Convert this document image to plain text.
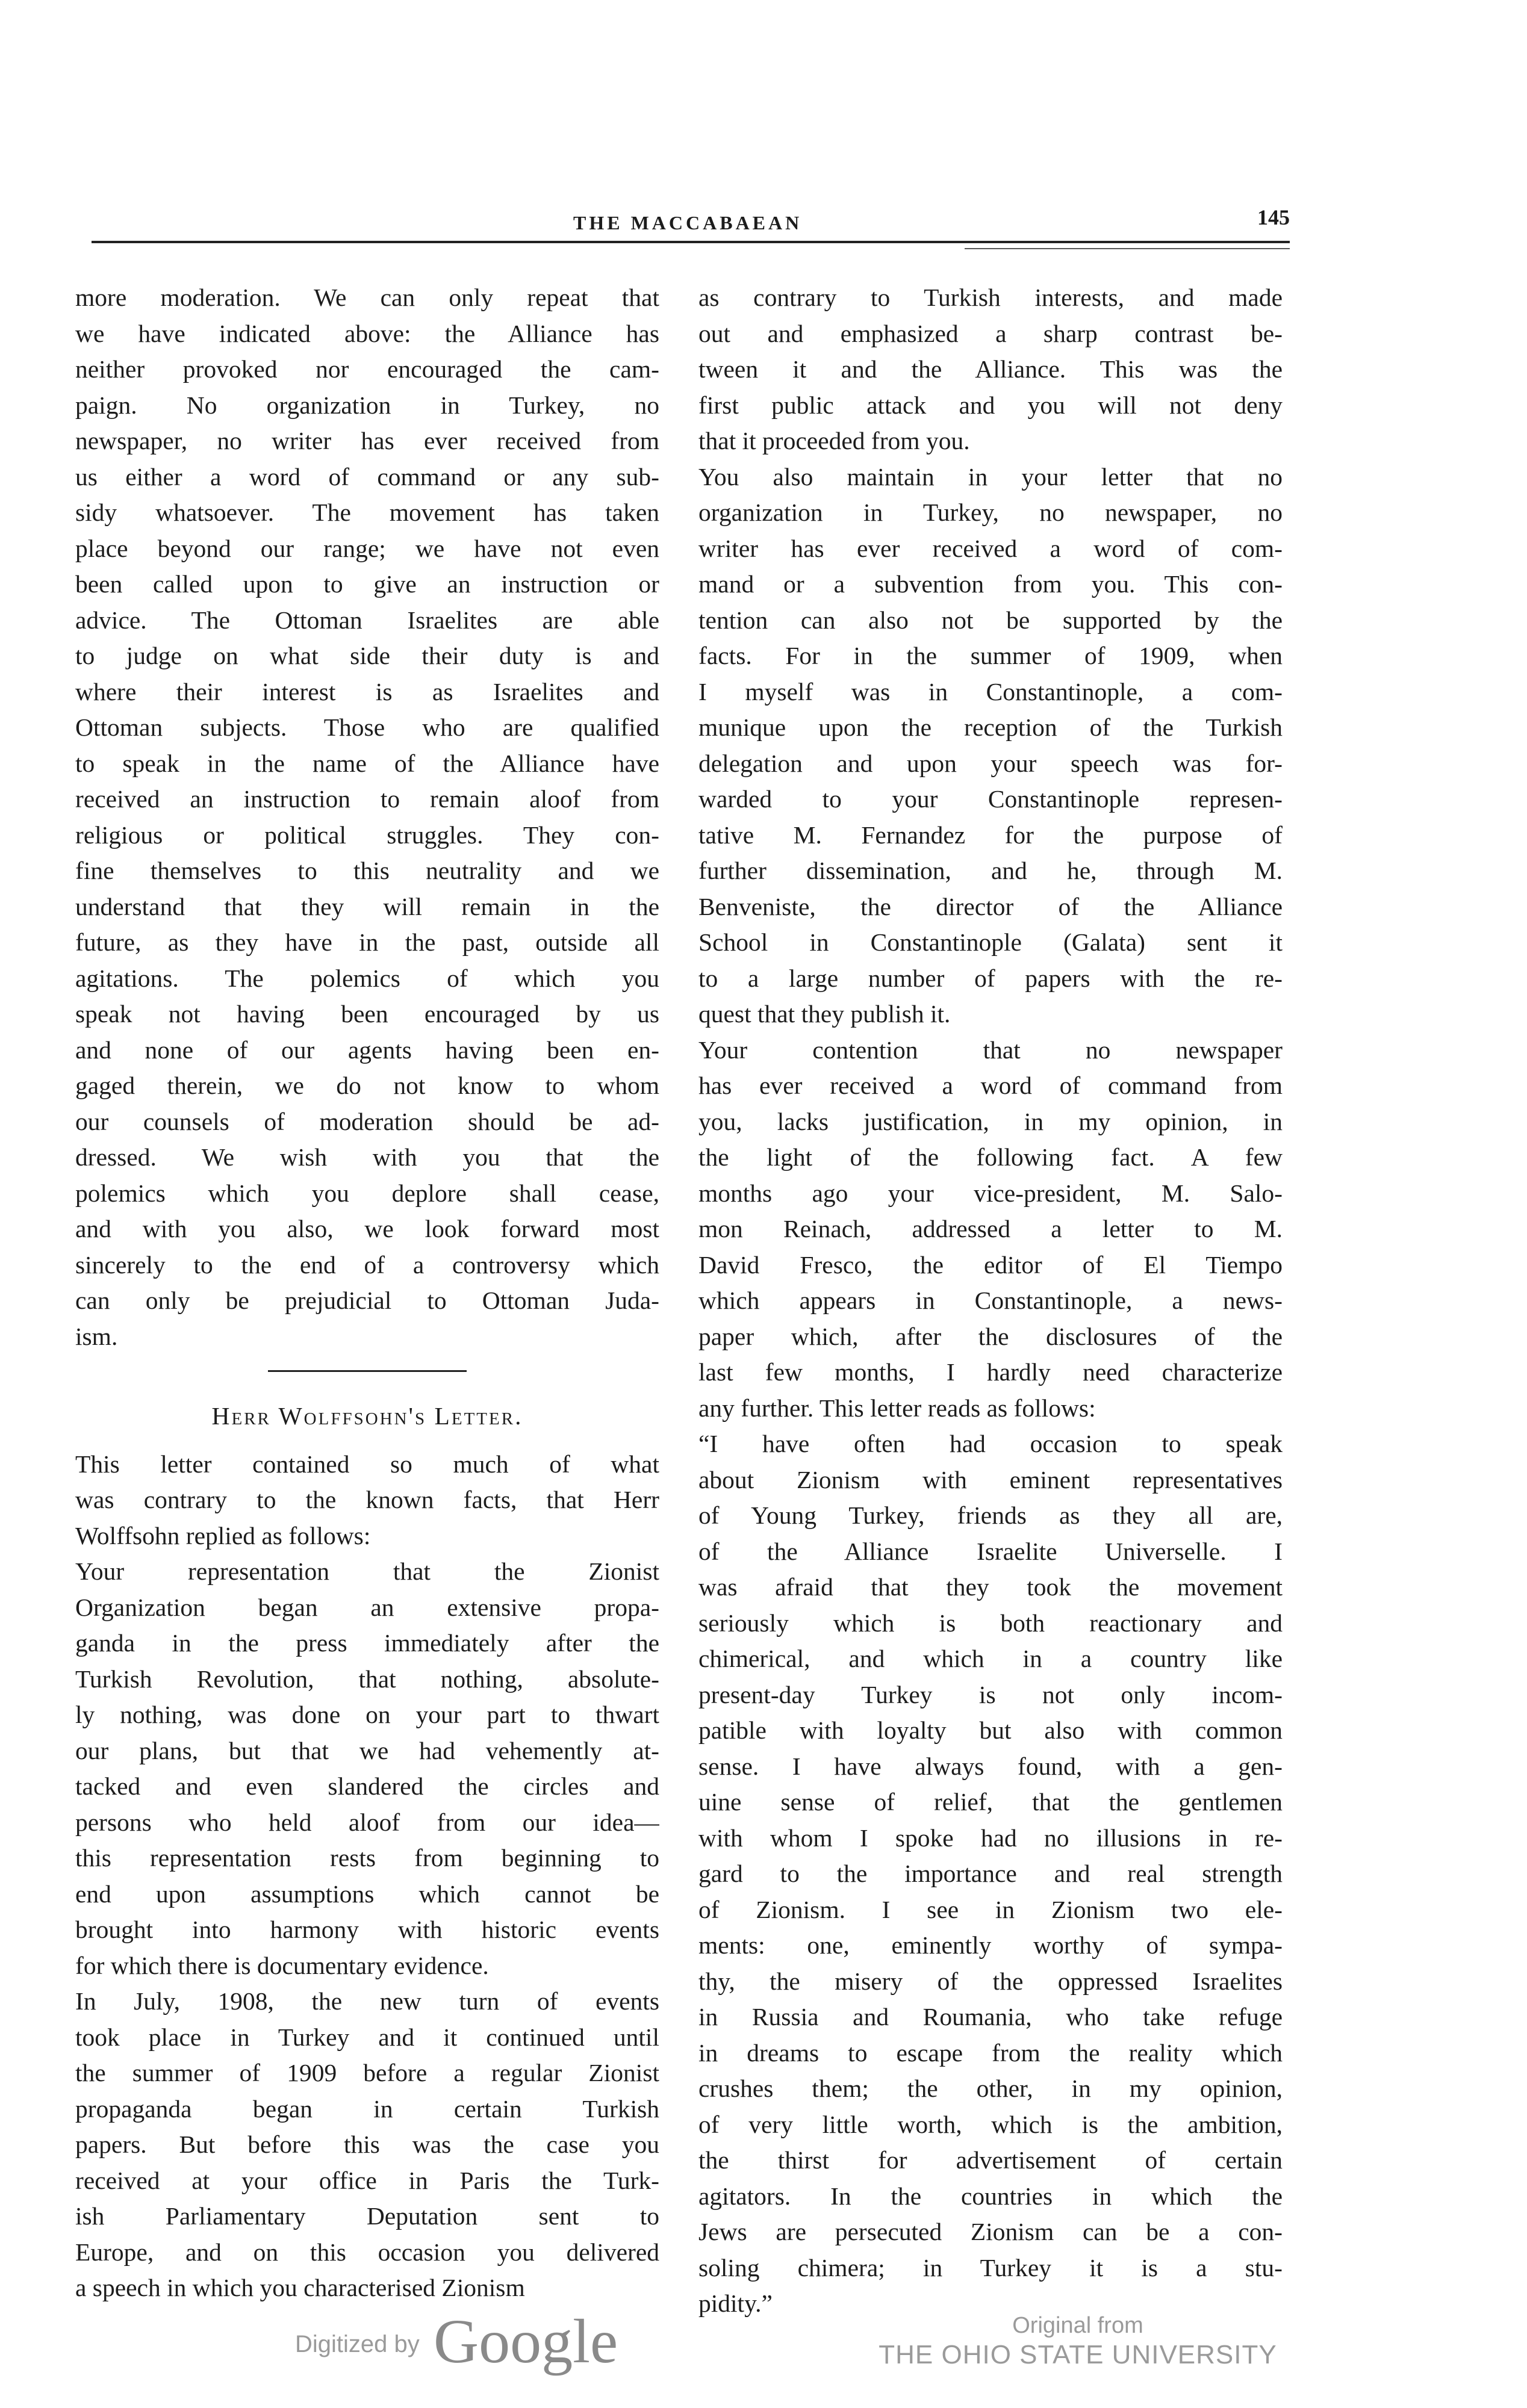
THE MACCABAEAN	145
more moderation. We can only repeat that
we have indicated above: the Alliance has
neither provoked nor encouraged the cam-
paign. No organization in Turkey, no
newspaper, no writer has ever received from
us either a word of command or any sub-
sidy whatsoever. The movement has taken
place beyond our range; we have not even
been called upon to give an instruction or
advice. The Ottoman Israelites are able
to judge on what side their duty is and
where their interest is as Israelites and
Ottoman subjects. Those who are qualified
to speak in the name of the Alliance have
received an instruction to remain aloof from
religious or political struggles. They con-
fine themselves to this neutrality and we
understand that they will remain in the
future, as they have in the past, outside all
agitations. The polemics of which you
speak not having been encouraged by us
and none of our agents having been en-
gaged therein, we do not know to whom
our counsels of moderation should be ad-
dressed. We wish with you that the
polemics which you deplore shall cease,
and with you also, we look forward most
sincerely to the end of a controversy which
can only be prejudicial to Ottoman Juda-
ism.
Herr Wolffsohn's Letter.
This letter contained so much of what
was contrary to the known facts, that Herr
Wolffsohn replied as follows:
Your representation that the Zionist
Organization began an extensive propa-
ganda in the press immediately after the
Turkish Revolution, that nothing, absolute-
ly nothing, was done on your part to thwart
our plans, but that we had vehemently at-
tacked and even slandered the circles and
persons who held aloof from our idea—
this representation rests from beginning to
end upon assumptions which cannot be
brought into harmony with historic events
for which there is documentary evidence.
In July, 1908, the new turn of events
took place in Turkey and it continued until
the summer of 1909 before a regular Zionist
propaganda began in certain Turkish
papers. But before this was the case you
received at your office in Paris the Turk-
ish Parliamentary Deputation sent to
Europe, and on this occasion you delivered
a speech in which you characterised Zionism
as contrary to Turkish interests, and made
out and emphasized a sharp contrast be-
tween it and the Alliance. This was the
first public attack and you will not deny
that it proceeded from you.
You also maintain in your letter that no
organization in Turkey, no newspaper, no
writer has ever received a word of com-
mand or a subvention from you. This con-
tention can also not be supported by the
facts. For in the summer of 1909, when
I myself was in Constantinople, a com-
munique upon the reception of the Turkish
delegation and upon your speech was for-
warded to your Constantinople represen-
tative M. Fernandez for the purpose of
further dissemination, and he, through M.
Benveniste, the director of the Alliance
School in Constantinople (Galata) sent it
to a large number of papers with the re-
quest that they publish it.
Your contention that no newspaper
has ever received a word of command from
you, lacks justification, in my opinion, in
the light of the following fact. A few
months ago your vice-president, M. Salo-
mon Reinach, addressed a letter to M.
David Fresco, the editor of El Tiempo
which appears in Constantinople, a news-
paper which, after the disclosures of the
last few months, I hardly need characterize
any further. This letter reads as follows:
“I have often had occasion to speak
about Zionism with eminent representatives
of Young Turkey, friends as they all are,
of the Alliance Israelite Universelle. I
was afraid that they took the movement
seriously which is both reactionary and
chimerical, and which in a country like
present-day Turkey is not only incom-
patible with loyalty but also with common
sense. I have always found, with a gen-
uine sense of relief, that the gentlemen
with whom I spoke had no illusions in re-
gard to the importance and real strength
of Zionism. I see in Zionism two ele-
ments: one, eminently worthy of sympa-
thy, the misery of the oppressed Israelites
in Russia and Roumania, who take refuge
in dreams to escape from the reality which
crushes them; the other, in my opinion,
of very little worth, which is the ambition,
the thirst for advertisement of certain
agitators. In the countries in which the
Jews are persecuted Zionism can be a con-
soling chimera; in Turkey it is a stu-
pidity.”
Digitized by Google	Original from
THE OHIO STATE UNIVERSITY
